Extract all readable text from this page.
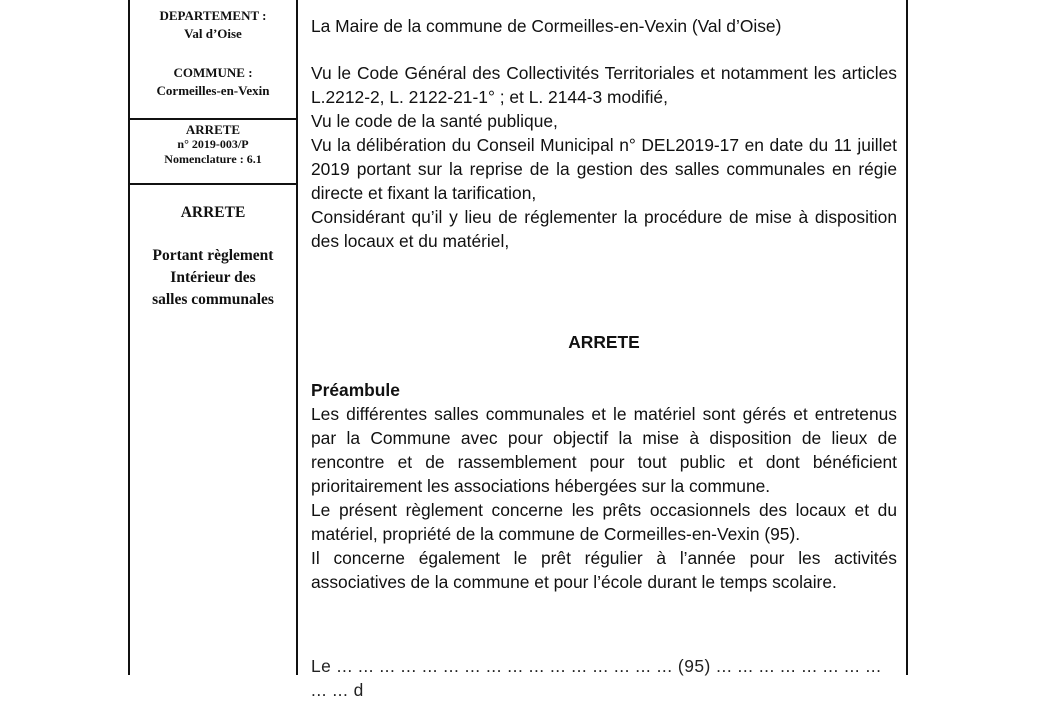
DEPARTEMENT :
Val d’Oise
COMMUNE :
Cormeilles-en-Vexin
ARRETE
n° 2019-003/P
Nomenclature : 6.1
ARRETE
Portant règlement
Intérieur des
salles communales

La Maire de la commune de Cormeilles-en-Vexin (Val d’Oise)

Vu le Code Général des Collectivités Territoriales et notamment les articles L.2212-2, L. 2122-21-1° ; et L. 2144-3 modifié,

Vu le code de la santé publique,

Vu la délibération du Conseil Municipal n° DEL2019-17 en date du 11 juillet 2019 portant sur la reprise de la gestion des salles communales en régie directe et fixant la tarification,

Considérant qu’il y lieu de réglementer la procédure de mise à disposition des locaux et du matériel,

ARRETE

Préambule

Les différentes salles communales et le matériel sont gérés et entretenus par la Commune avec pour objectif la mise à disposition de lieux de rencontre et de rassemblement pour tout public et dont bénéficient prioritairement les associations hébergées sur la commune.

Le présent règlement concerne les prêts occasionnels des locaux et du matériel, propriété de la commune de Cormeilles-en-Vexin (95).

Il concerne également le prêt régulier à l’année pour les activités associatives de la commune et pour l’école durant le temps scolaire.

Le ... ... ... ... ... ... ... ... ... ... ... ... ... ... ... ... (95) ... ... ... ... ... ... ... ... ... ... d
